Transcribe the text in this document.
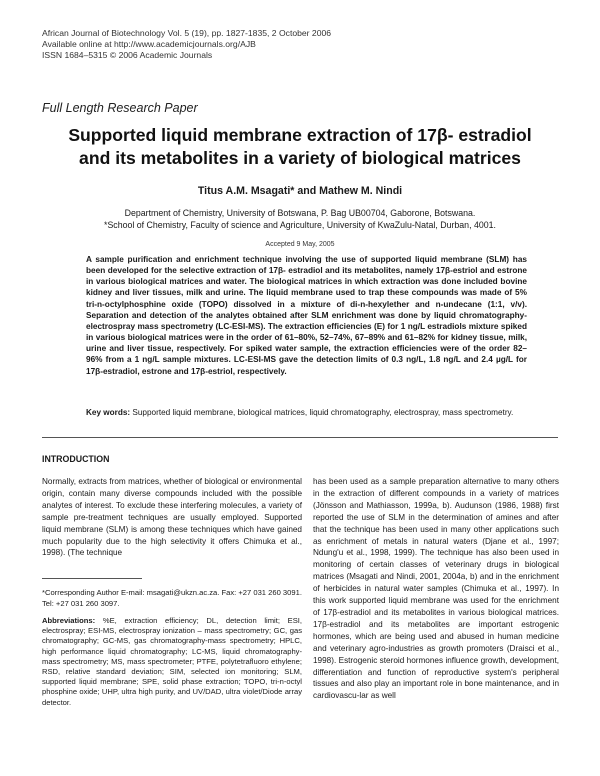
African Journal of Biotechnology Vol. 5 (19), pp. 1827-1835, 2 October 2006
Available online at http://www.academicjournals.org/AJB
ISSN 1684–5315 © 2006 Academic Journals
Full Length Research Paper
Supported liquid membrane extraction of 17β- estradiol
and its metabolites in a variety of biological matrices
Titus A.M. Msagati* and Mathew M. Nindi
Department of Chemistry, University of Botswana, P. Bag UB00704, Gaborone, Botswana.
*School of Chemistry, Faculty of science and Agriculture, University of KwaZulu-Natal, Durban, 4001.
Accepted 9 May, 2005

A sample purification and enrichment technique involving the use of supported liquid membrane (SLM) has been developed for the selective extraction of 17β- estradiol and its metabolites, namely 17β-estriol and estrone in various biological matrices and water. The biological matrices in which extraction was done included bovine kidney and liver tissues, milk and urine. The liquid membrane used to trap these compounds was made of 5% tri-n-octylphosphine oxide (TOPO) dissolved in a mixture of di-n-hexylether and n-undecane (1:1, v/v). Separation and detection of the analytes obtained after SLM enrichment was done by liquid chromatography-electrospray mass spectrometry (LC-ESI-MS). The extraction efficiencies (E) for 1 ng/L estradiols mixture spiked in various biological matrices were in the order of 61–80%, 52–74%, 67–89% and 61–82% for kidney tissue, milk, urine and liver tissue, respectively. For spiked water sample, the extraction efficiencies were of the order 82–96% from a 1 ng/L sample mixtures. LC-ESI-MS gave the detection limits of 0.3 ng/L, 1.8 ng/L and 2.4 µg/L for 17β-estradiol, estrone and 17β-estriol, respectively.

Key words: Supported liquid membrane, biological matrices, liquid chromatography, electrospray, mass spectrometry.

INTRODUCTION

Normally, extracts from matrices, whether of biological or environmental origin, contain many diverse compounds included with the possible analytes of interest. To exclude these interfering molecules, a variety of sample pre-treatment techniques are usually employed. Supported liquid membrane (SLM) is among these techniques which have gained much popularity due to the high selectivity it offers Chimuka et al., 1998). (The technique

*Corresponding Author E-mail: msagati@ukzn.ac.za. Fax: +27 031 260 3091. Tel: +27 031 260 3097.

Abbreviations: %E, extraction efficiency; DL, detection limit; ESI, electrospray; ESI-MS, electrospray ionization – mass spectrometry; GC, gas chromatography; GC-MS, gas chromatography-mass spectrometry; HPLC, high performance liquid chromatography; LC-MS, liquid chromatography-mass spectrometry; MS, mass spectrometer; PTFE, polytetrafluoro ethylene; RSD, relative standard deviation; SIM, selected ion monitoring; SLM, supported liquid membrane; SPE, solid phase extraction; TOPO, tri-n-octyl phosphine oxide; UHP, ultra high purity, and UV/DAD, ultra violet/Diode array detector.

has been used as a sample preparation alternative to many others in the extraction of different compounds in a variety of matrices (Jönsson and Mathiasson, 1999a, b). Audunson (1986, 1988) first reported the use of SLM in the determination of amines and after that the technique has been used in many other applications such as enrichment of metals in natural waters (Djane et al., 1997; Ndung'u et al., 1998, 1999). The technique has also been used in monitoring of certain classes of veterinary drugs in biological matrices (Msagati and Nindi, 2001, 2004a, b) and in the enrichment of herbicides in natural water samples (Chimuka et al., 1997). In this work supported liquid membrane was used for the enrichment of 17β-estradiol and its metabolites in various biological matrices. 17β-estradiol and its metabolites are important estrogenic hormones, which are being used and abused in human medicine and veterinary agro-industries as growth promoters (Draisci et al., 1998). Estrogenic steroid hormones influence growth, development, differentiation and function of reproductive system's peripheral tissues and also play an important role in bone maintenance, and in cardiovascu-lar as well
